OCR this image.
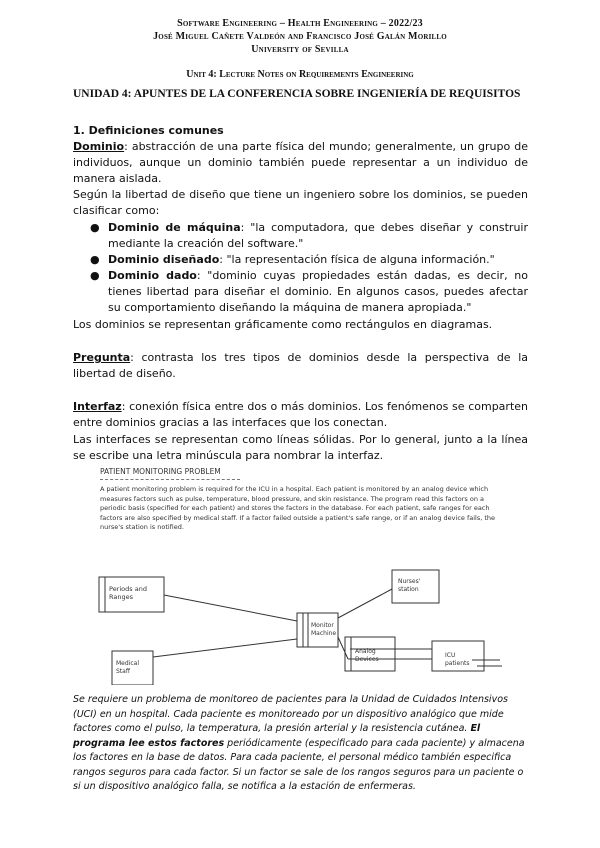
Software Engineering – Health Engineering – 2022/23
José Miguel Cañete Valdeón and Francisco José Galán Morillo
University of Sevilla
Unit 4: Lecture Notes on Requirements Engineering
UNIDAD 4: APUNTES DE LA CONFERENCIA SOBRE INGENIERÍA DE REQUISITOS
1. Definiciones comunes
Dominio: abstracción de una parte física del mundo; generalmente, un grupo de individuos, aunque un dominio también puede representar a un individuo de manera aislada.
Según la libertad de diseño que tiene un ingeniero sobre los dominios, se pueden clasificar como:
● Dominio de máquina: "la computadora, que debes diseñar y construir mediante la creación del software."
● Dominio diseñado: "la representación física de alguna información."
● Dominio dado: "dominio cuyas propiedades están dadas, es decir, no tienes libertad para diseñar el dominio. En algunos casos, puedes afectar su comportamiento diseñando la máquina de manera apropiada."
Los dominios se representan gráficamente como rectángulos en diagramas.
Pregunta: contrasta los tres tipos de dominios desde la perspectiva de la libertad de diseño.
Interfaz: conexión física entre dos o más dominios. Los fenómenos se comparten entre dominios gracias a las interfaces que los conectan.
Las interfaces se representan como líneas sólidas. Por lo general, junto a la línea se escribe una letra minúscula para nombrar la interfaz.
PATIENT MONITORING PROBLEM
A patient monitoring problem is required for the ICU in a hospital. Each patient is monitored by an analog device which measures factors such as pulse, temperature, blood pressure, and skin resistance. The program read this factors on a periodic basis (specified for each patient) and stores the factors in the database. For each patient, safe ranges for each factors are also specified by medical staff. If a factor failed outside a patient's safe range, or if an analog device fails, the nurse's station is notified.
Periods and Ranges
Monitor Machine
Nurses' station
Medical Staff
Analog Devices
ICU patients
Se requiere un problema de monitoreo de pacientes para la Unidad de Cuidados Intensivos (UCI) en un hospital. Cada paciente es monitoreado por un dispositivo analógico que mide factores como el pulso, la temperatura, la presión arterial y la resistencia cutánea. El programa lee estos factores periódicamente (especificado para cada paciente) y almacena los factores en la base de datos. Para cada paciente, el personal médico también especifica rangos seguros para cada factor. Si un factor se sale de los rangos seguros para un paciente o si un dispositivo analógico falla, se notifica a la estación de enfermeras.
